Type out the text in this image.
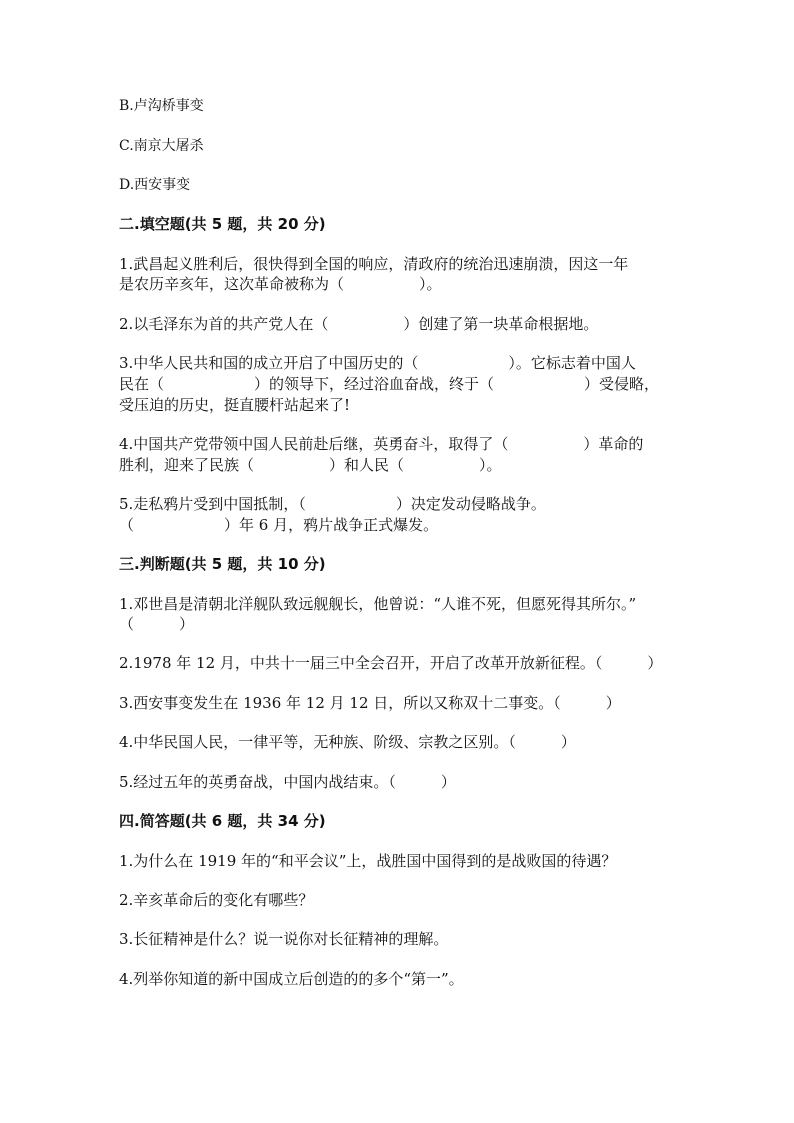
B.卢沟桥事变
C.南京大屠杀
D.西安事变
二.填空题(共 5 题，共 20 分)
1.武昌起义胜利后，很快得到全国的响应，清政府的统治迅速崩溃，因这一年
是农历辛亥年，这次革命被称为（　　　　　）。
2.以毛泽东为首的共产党人在（　　　　　）创建了第一块革命根据地。
3.中华人民共和国的成立开启了中国历史的（　　　　　　）。它标志着中国人
民在（　　　　　　）的领导下，经过浴血奋战，终于（　　　　　　）受侵略，
受压迫的历史，挺直腰杆站起来了!
4.中国共产党带领中国人民前赴后继，英勇奋斗，取得了（　　　　　）革命的
胜利，迎来了民族（　　　　　）和人民（　　　　　）。
5.走私鸦片受到中国抵制，（　　　　　　）决定发动侵略战争。
（　　　　　　）年 6 月，鸦片战争正式爆发。
三.判断题(共 5 题，共 10 分)
1.邓世昌是清朝北洋舰队致远舰舰长，他曾说：“人谁不死，但愿死得其所尔。”
（　　　）
2.1978 年 12 月，中共十一届三中全会召开，开启了改革开放新征程。（　　　）
3.西安事变发生在 1936 年 12 月 12 日，所以又称双十二事变。（　　　）
4.中华民国人民，一律平等，无种族、阶级、宗教之区别。（　　　）
5.经过五年的英勇奋战，中国内战结束。（　　　）
四.简答题(共 6 题，共 34 分)
1.为什么在 1919 年的“和平会议”上，战胜国中国得到的是战败国的待遇？
2.辛亥革命后的变化有哪些？
3.长征精神是什么？说一说你对长征精神的理解。
4.列举你知道的新中国成立后创造的的多个“第一”。
